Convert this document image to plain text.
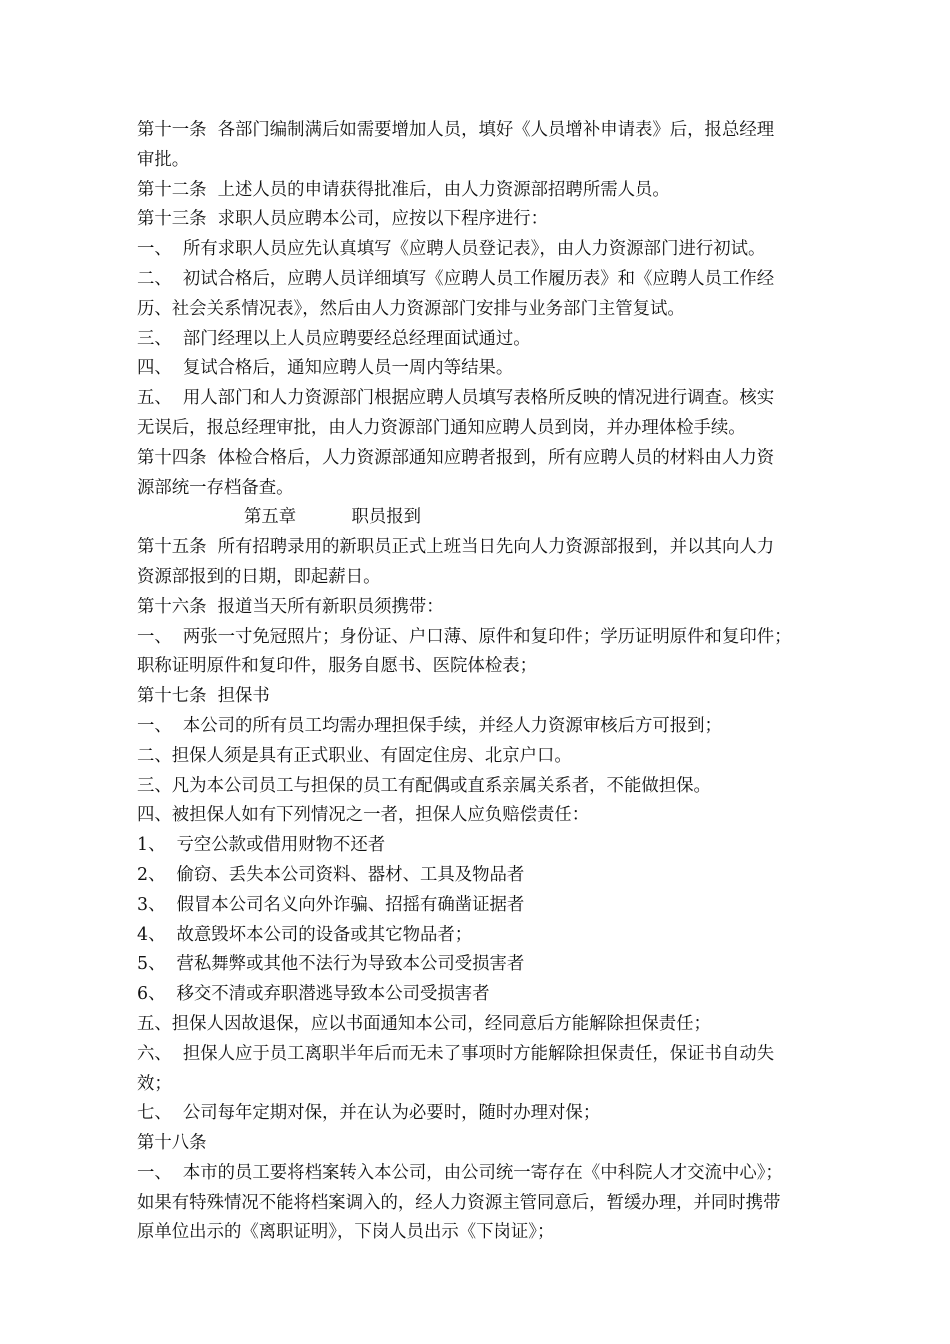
第十一条  各部门编制满后如需要增加人员，填好《人员增补申请表》后，报总经理
审批。
第十二条  上述人员的申请获得批准后，由人力资源部招聘所需人员。
第十三条  求职人员应聘本公司，应按以下程序进行：
一、  所有求职人员应先认真填写《应聘人员登记表》，由人力资源部门进行初试。
二、  初试合格后，应聘人员详细填写《应聘人员工作履历表》和《应聘人员工作经
历、社会关系情况表》，然后由人力资源部门安排与业务部门主管复试。
三、  部门经理以上人员应聘要经总经理面试通过。
四、  复试合格后，通知应聘人员一周内等结果。
五、  用人部门和人力资源部门根据应聘人员填写表格所反映的情况进行调查。核实
无误后，报总经理审批，由人力资源部门通知应聘人员到岗，并办理体检手续。
第十四条  体检合格后，人力资源部通知应聘者报到，所有应聘人员的材料由人力资
源部统一存档备查。
第五章          职员报到
第十五条  所有招聘录用的新职员正式上班当日先向人力资源部报到，并以其向人力
资源部报到的日期，即起薪日。
第十六条  报道当天所有新职员须携带：
一、  两张一寸免冠照片；身份证、户口薄、原件和复印件；学历证明原件和复印件；
职称证明原件和复印件，服务自愿书、医院体检表；
第十七条  担保书
一、  本公司的所有员工均需办理担保手续，并经人力资源审核后方可报到；
二、担保人须是具有正式职业、有固定住房、北京户口。
三、凡为本公司员工与担保的员工有配偶或直系亲属关系者，不能做担保。
四、被担保人如有下列情况之一者，担保人应负赔偿责任：
1、  亏空公款或借用财物不还者
2、  偷窃、丢失本公司资料、器材、工具及物品者
3、  假冒本公司名义向外诈骗、招摇有确凿证据者
4、  故意毁坏本公司的设备或其它物品者；
5、  营私舞弊或其他不法行为导致本公司受损害者
6、  移交不清或弃职潜逃导致本公司受损害者
五、担保人因故退保，应以书面通知本公司，经同意后方能解除担保责任；
六、  担保人应于员工离职半年后而无未了事项时方能解除担保责任，保证书自动失
效；
七、  公司每年定期对保，并在认为必要时，随时办理对保；
第十八条
一、  本市的员工要将档案转入本公司，由公司统一寄存在《中科院人才交流中心》；
如果有特殊情况不能将档案调入的，经人力资源主管同意后，暂缓办理，并同时携带
原单位出示的《离职证明》，下岗人员出示《下岗证》；
